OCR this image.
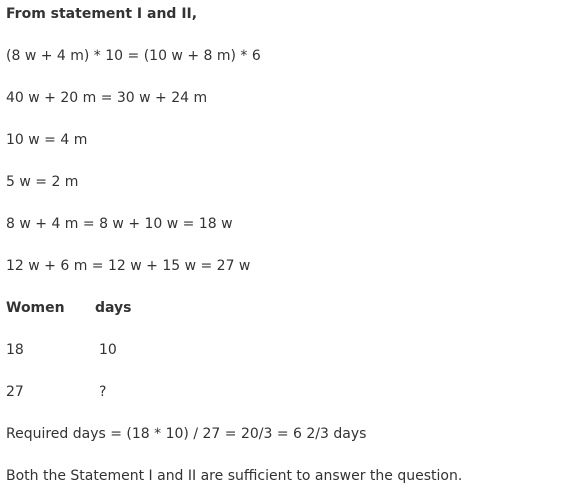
From statement I and II,
(8 w + 4 m) * 10 = (10 w + 8 m) * 6
40 w + 20 m = 30 w + 24 m
10 w = 4 m
5 w = 2 m
8 w + 4 m = 8 w + 10 w = 18 w
12 w + 6 m = 12 w + 15 w = 27 w
Women days
18	10
27	?
Required days = (18 * 10) / 27 = 20/3 = 6 2/3 days
Both the Statement I and II are sufficient to answer the question.
